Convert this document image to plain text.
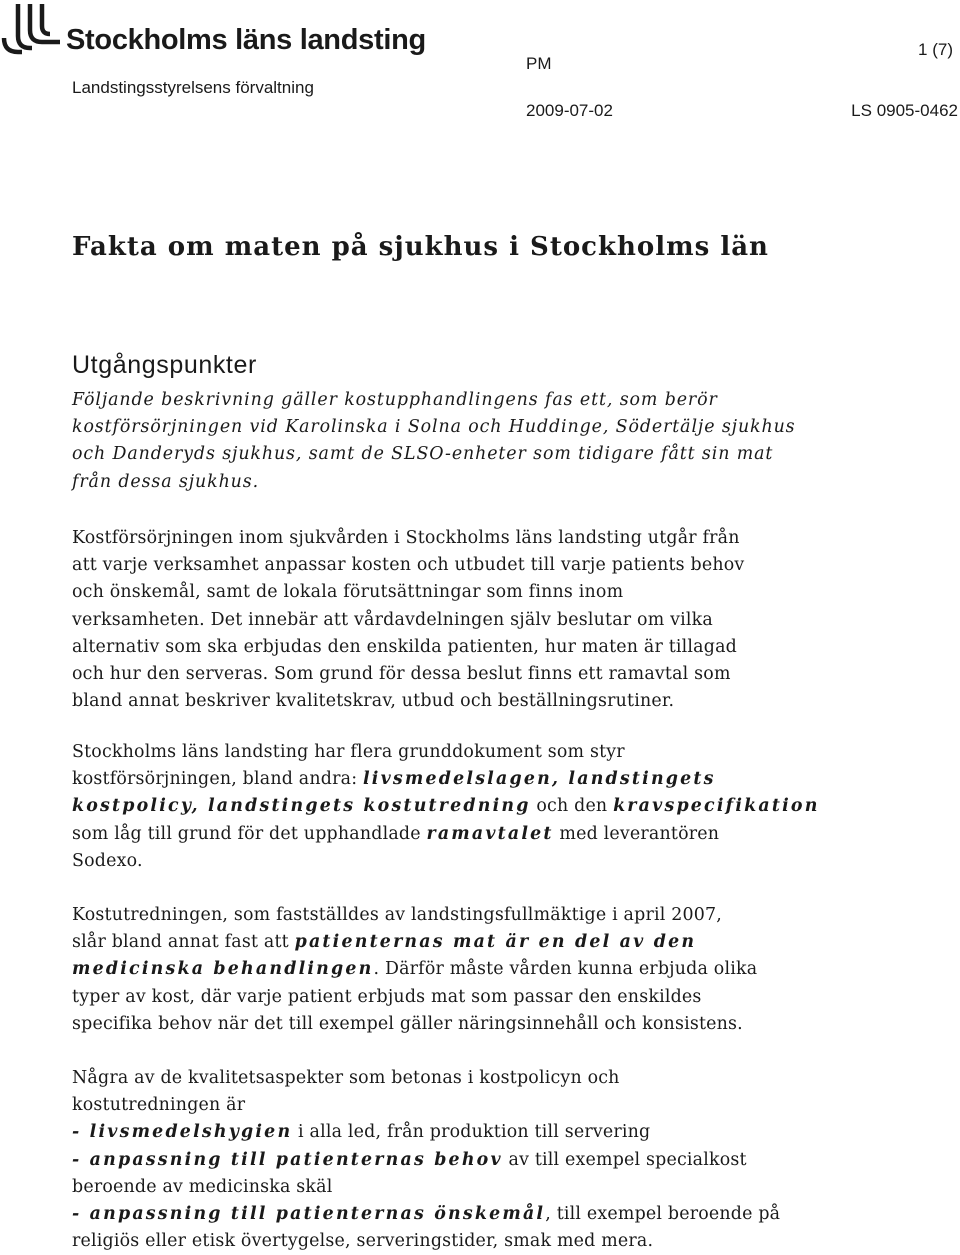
Stockholms läns landsting
Landstingsstyrelsens förvaltning
PM
2009-07-02
1 (7)
LS 0905-0462
Fakta om maten på sjukhus i Stockholms län
Utgångspunkter

Följande beskrivning gäller kostupphandlingens fas ett, som berör
kostförsörjningen vid Karolinska i Solna och Huddinge, Södertälje sjukhus
och Danderyds sjukhus, samt de SLSO-enheter som tidigare fått sin mat
från dessa sjukhus.

Kostförsörjningen inom sjukvården i Stockholms läns landsting utgår från
att varje verksamhet anpassar kosten och utbudet till varje patients behov
och önskemål, samt de lokala förutsättningar som finns inom
verksamheten. Det innebär att vårdavdelningen själv beslutar om vilka
alternativ som ska erbjudas den enskilda patienten, hur maten är tillagad
och hur den serveras. Som grund för dessa beslut finns ett ramavtal som
bland annat beskriver kvalitetskrav, utbud och beställningsrutiner.

Stockholms läns landsting har flera grunddokument som styr
kostförsörjningen, bland andra: livsmedelslagen, landstingets
kostpolicy, landstingets kostutredning och den kravspecifikation
som låg till grund för det upphandlade ramavtalet med leverantören
Sodexo.

Kostutredningen, som fastställdes av landstingsfullmäktige i april 2007,
slår bland annat fast att patienternas mat är en del av den
medicinska behandlingen. Därför måste vården kunna erbjuda olika
typer av kost, där varje patient erbjuds mat som passar den enskildes
specifika behov när det till exempel gäller näringsinnehåll och konsistens.

Några av de kvalitetsaspekter som betonas i kostpolicyn och
kostutredningen är
- livsmedelshygien i alla led, från produktion till servering
- anpassning till patienternas behov av till exempel specialkost
beroende av medicinska skäl
- anpassning till patienternas önskemål, till exempel beroende på
religiös eller etisk övertygelse, serveringstider, smak med mera.
